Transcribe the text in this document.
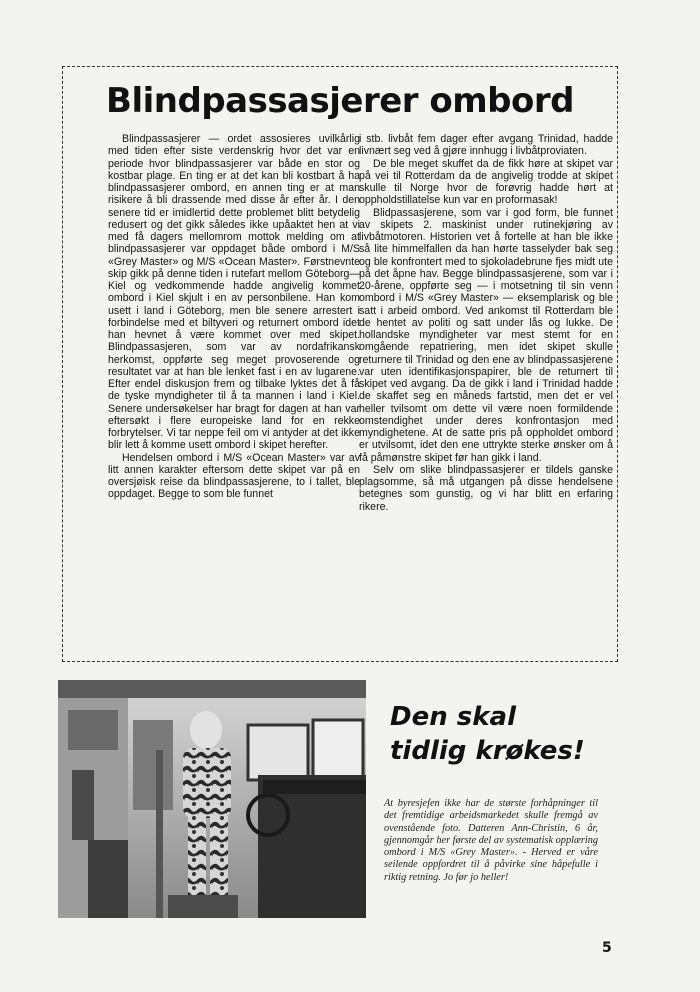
Blindpassasjerer ombord

Blindpassasjerer — ordet assosieres uvilkårlig med tiden efter siste verdenskrig hvor det var en periode hvor blindpassasjerer var både en stor og kostbar plage. En ting er at det kan bli kostbart å ha blindpassasjerer ombord, en annen ting er at man risikere å bli drassende med disse år efter år. I den senere tid er imidlertid dette problemet blitt betydelig redusert og det gikk således ikke upåaktet hen at vi med få dagers mellomrom mottok melding om at blindpassasjerer var oppdaget både ombord i M/S «Grey Master» og M/S «Ocean Master». Førstnevnte skip gikk på denne tiden i rutefart mellom Göteborg—Kiel og vedkommende hadde angivelig kommet ombord i Kiel skjult i en av personbilene. Han kom usett i land i Göteborg, men ble senere arrestert i forbindelse med et biltyveri og returnert ombord idet han hevnet å være kommet over med skipet. Blindpassasjeren, som var av nordafrikansk herkomst, oppførte seg meget provoserende og resultatet var at han ble lenket fast i en av lugarene. Efter endel diskusjon frem og tilbake lyktes det å få de tyske myndigheter til å ta mannen i land i Kiel. Senere undersøkelser har bragt for dagen at han var eftersøkt i flere europeiske land for en rekke forbrytelser. Vi tar neppe feil om vi antyder at det ikke blir lett å komme usett ombord i skipet herefter.

Hendelsen ombord i M/S «Ocean Master» var av litt annen karakter eftersom dette skipet var på en oversjøisk reise da blindpassasjerene, to i tallet, ble oppdaget. Begge to som ble funnet

i stb. livbåt fem dager efter avgang Trinidad, hadde livnært seg ved å gjøre innhugg i livbåtproviaten.

De ble meget skuffet da de fikk høre at skipet var på vei til Rotterdam da de angivelig trodde at skipet skulle til Norge hvor de forøvrig hadde hørt at oppholdstillatelse kun var en proformasak!

Blidpassasjerene, som var i god form, ble funnet av skipets 2. maskinist under rutinekjøring av livbåtmotoren. Historien vet å fortelle at han ble ikke så lite himmelfallen da han hørte tasselyder bak seg og ble konfrontert med to sjokoladebrune fjes midt ute på det åpne hav. Begge blindpassasjerene, som var i 20-årene, oppførte seg — i motsetning til sin venn ombord i M/S «Grey Master» — eksemplarisk og ble satt i arbeid ombord. Ved ankomst til Rotterdam ble de hentet av politi og satt under lås og lukke. De hollandske myndigheter var mest stemt for en omgående repatriering, men idet skipet skulle returnere til Trinidad og den ene av blindpassasjerene var uten identifikasjonspapirer, ble de returnert til skipet ved avgang. Da de gikk i land i Trinidad hadde de skaffet seg en måneds fartstid, men det er vel heller tvilsomt om dette vil være noen formildende omstendighet under deres konfrontasjon med myndighetene. At de satte pris på oppholdet ombord er utvilsomt, idet den ene uttrykte sterke ønsker om å få påmønstre skipet før han gikk i land.

Selv om slike blindpassasjerer er tildels ganske plagsomme, så må utgangen på disse hendelsene betegnes som gunstig, og vi har blitt en erfaring rikere.

Den skal
tidlig krøkes!
At byresjefen ikke har de største forhåpninger til det fremtidige arbeidsmarkedet skulle fremgå av ovenstående foto. Datteren Ann-Christin, 6 år, gjennomgår her første del av systematisk opplæring ombord i M/S «Grey Master». - Herved er våre seilende oppfordret til å påvirke sine håpefulle i riktig retning. Jo før jo heller!
5
